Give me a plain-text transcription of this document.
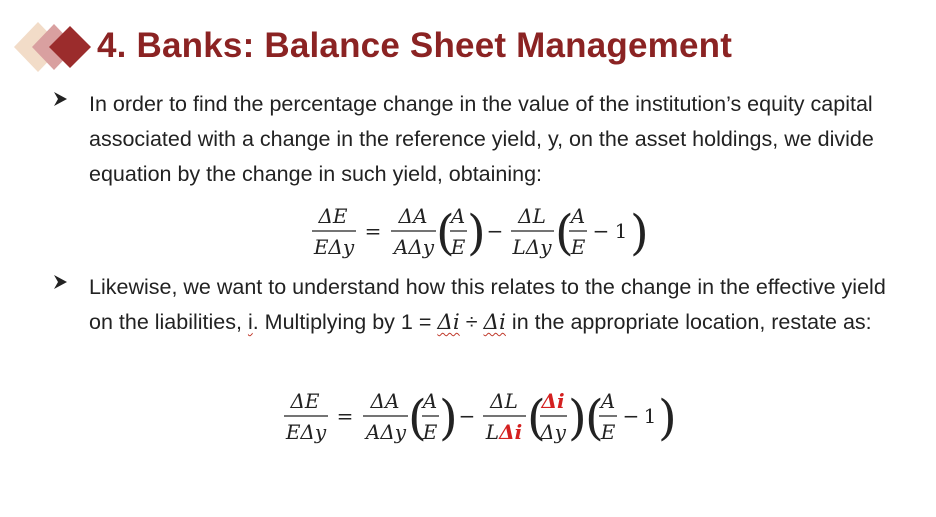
4. Banks: Balance Sheet Management
In order to find the percentage change in the value of the institution’s equity capital associated with a change in the reference yield, y, on the asset holdings, we divide equation by the change in such yield, obtaining:
ΔE
EΔy
=
ΔA
AΔy (
A
E ) −
ΔL
LΔy (
A
E
− 1 )
Likewise, we want to understand how this relates to the change in the effective yield on the liabilities, i. Multiplying by 1 = Δi ÷ Δi in the appropriate location, restate as:
ΔE
EΔy
=
ΔA
AΔy (
A
E ) −
ΔL
LΔi (
Δi
Δy )
(
A
E
− 1 )
